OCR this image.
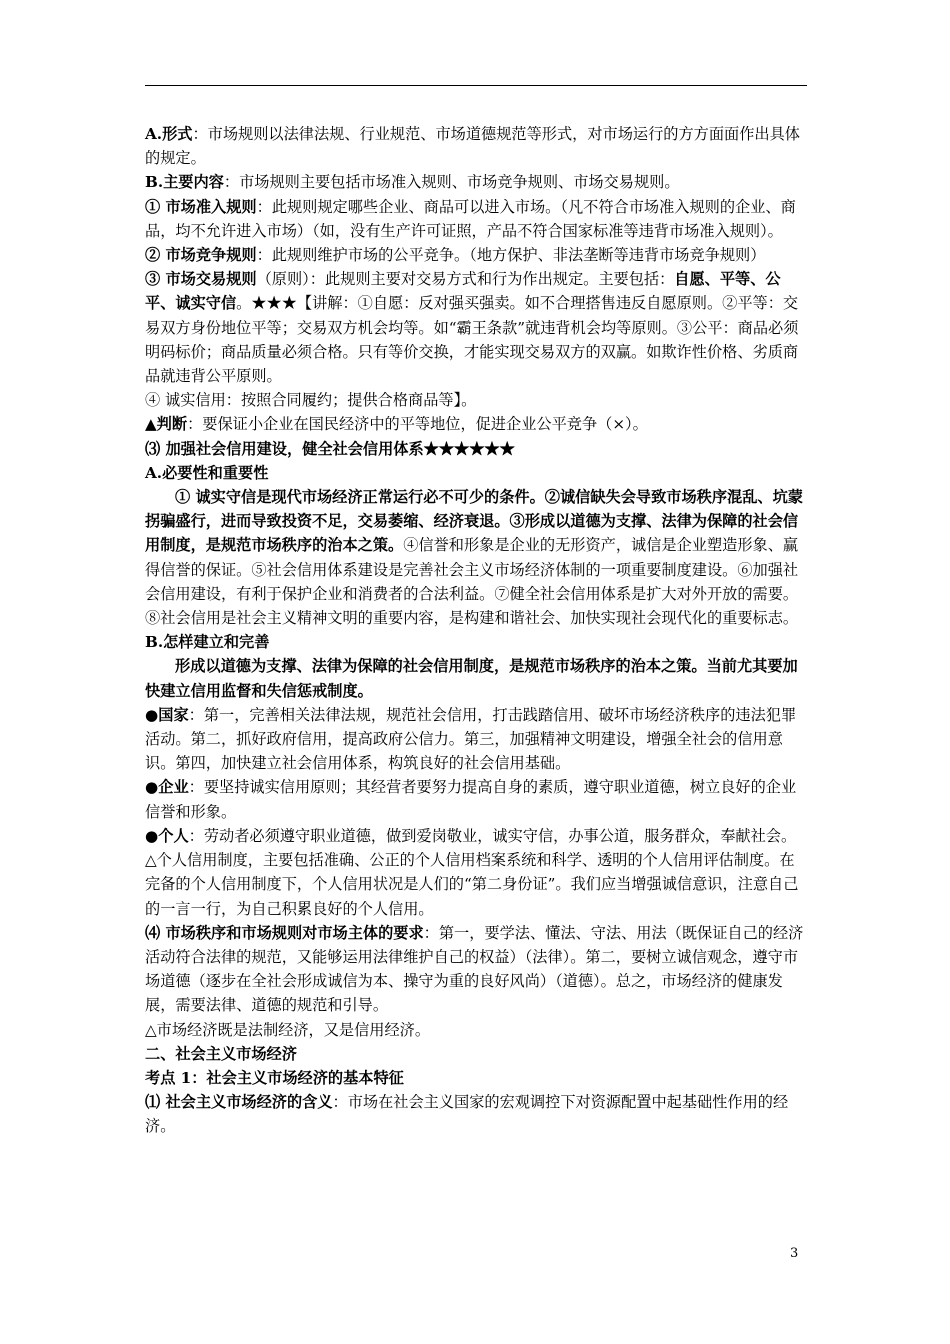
A.形式：市场规则以法律法规、行业规范、市场道德规范等形式，对市场运行的方方面面作出具体的规定。

B.主要内容：市场规则主要包括市场准入规则、市场竞争规则、市场交易规则。

① 市场准入规则：此规则规定哪些企业、商品可以进入市场。（凡不符合市场准入规则的企业、商品，均不允许进入市场）（如，没有生产许可证照，产品不符合国家标准等违背市场准入规则）。

② 市场竞争规则：此规则维护市场的公平竞争。（地方保护、非法垄断等违背市场竞争规则）

③ 市场交易规则（原则）：此规则主要对交易方式和行为作出规定。主要包括：自愿、平等、公平、诚实守信。★★★【讲解：①自愿：反对强买强卖。如不合理搭售违反自愿原则。②平等：交易双方身份地位平等；交易双方机会均等。如“霸王条款”就违背机会均等原则。③公平：商品必须明码标价；商品质量必须合格。只有等价交换，才能实现交易双方的双赢。如欺诈性价格、劣质商品就违背公平原则。

④ 诚实信用：按照合同履约；提供合格商品等】。

▲判断：要保证小企业在国民经济中的平等地位，促进企业公平竞争（×）。

⑶ 加强社会信用建设，健全社会信用体系★★★★★★

A.必要性和重要性

① 诚实守信是现代市场经济正常运行必不可少的条件。②诚信缺失会导致市场秩序混乱、坑蒙拐骗盛行，进而导致投资不足，交易萎缩、经济衰退。③形成以道德为支撑、法律为保障的社会信用制度，是规范市场秩序的治本之策。④信誉和形象是企业的无形资产，诚信是企业塑造形象、赢得信誉的保证。⑤社会信用体系建设是完善社会主义市场经济体制的一项重要制度建设。⑥加强社会信用建设，有利于保护企业和消费者的合法利益。⑦健全社会信用体系是扩大对外开放的需要。⑧社会信用是社会主义精神文明的重要内容，是构建和谐社会、加快实现社会现代化的重要标志。

B.怎样建立和完善

形成以道德为支撑、法律为保障的社会信用制度，是规范市场秩序的治本之策。当前尤其要加快建立信用监督和失信惩戒制度。

●国家：第一，完善相关法律法规，规范社会信用，打击践踏信用、破坏市场经济秩序的违法犯罪活动。第二，抓好政府信用，提高政府公信力。第三，加强精神文明建设，增强全社会的信用意识。第四，加快建立社会信用体系，构筑良好的社会信用基础。

●企业：要坚持诚实信用原则；其经营者要努力提高自身的素质，遵守职业道德，树立良好的企业信誉和形象。

●个人：劳动者必须遵守职业道德，做到爱岗敬业，诚实守信，办事公道，服务群众，奉献社会。

△个人信用制度，主要包括准确、公正的个人信用档案系统和科学、透明的个人信用评估制度。在完备的个人信用制度下，个人信用状况是人们的“第二身份证”。我们应当增强诚信意识，注意自己的一言一行，为自己积累良好的个人信用。

⑷ 市场秩序和市场规则对市场主体的要求：第一，要学法、懂法、守法、用法（既保证自己的经济活动符合法律的规范，又能够运用法律维护自己的权益）（法律）。第二，要树立诚信观念，遵守市场道德（逐步在全社会形成诚信为本、操守为重的良好风尚）（道德）。总之，市场经济的健康发展，需要法律、道德的规范和引导。

△市场经济既是法制经济，又是信用经济。

二、社会主义市场经济

考点 1：社会主义市场经济的基本特征

⑴ 社会主义市场经济的含义：市场在社会主义国家的宏观调控下对资源配置中起基础性作用的经济。

3
